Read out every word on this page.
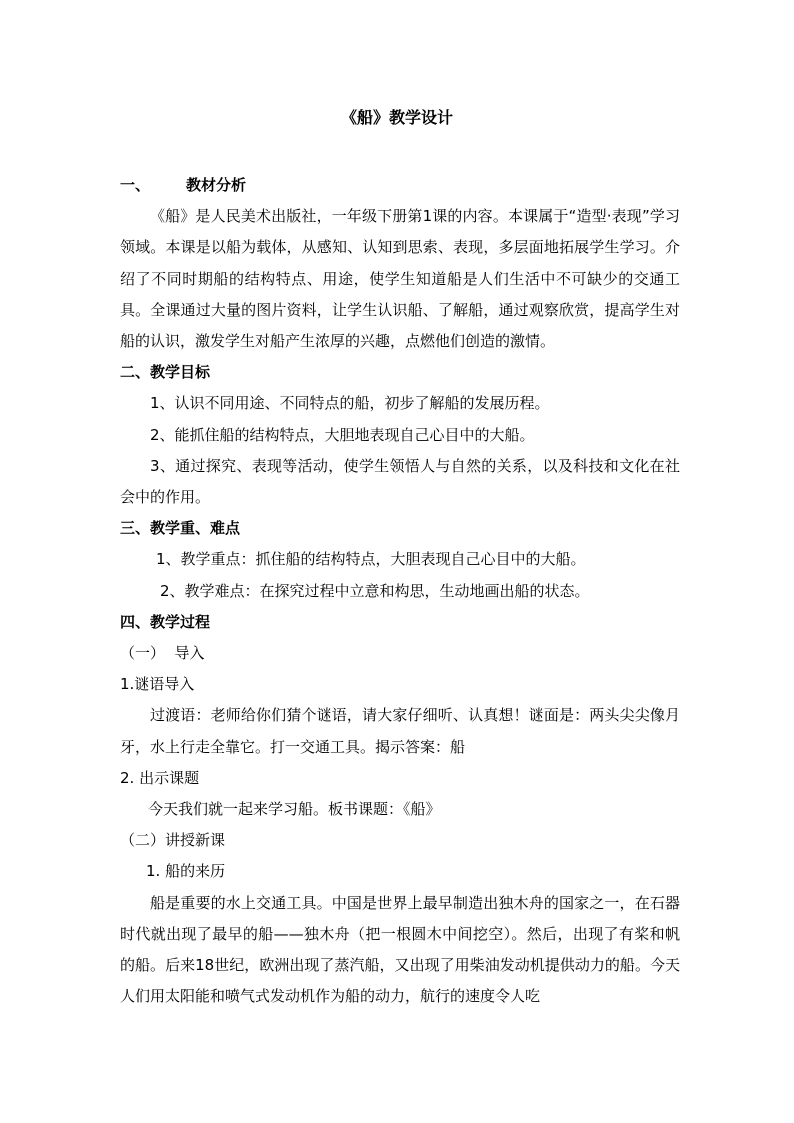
《船》教学设计

一、 教材分析

《船》是人民美术出版社，一年级下册第1课的内容。本课属于“造型·表现”学习领域。本课是以船为载体，从感知、认知到思索、表现，多层面地拓展学生学习。介绍了不同时期船的结构特点、用途，使学生知道船是人们生活中不可缺少的交通工具。全课通过大量的图片资料，让学生认识船、了解船，通过观察欣赏，提高学生对船的认识，激发学生对船产生浓厚的兴趣，点燃他们创造的激情。

二、教学目标

1、认识不同用途、不同特点的船，初步了解船的发展历程。

2、能抓住船的结构特点，大胆地表现自己心目中的大船。

3、通过探究、表现等活动，使学生领悟人与自然的关系，以及科技和文化在社会中的作用。

三、教学重、难点

1、教学重点：抓住船的结构特点，大胆表现自己心目中的大船。

2、教学难点：在探究过程中立意和构思，生动地画出船的状态。

四、教学过程

（一）  导入

1.谜语导入

过渡语：老师给你们猜个谜语，请大家仔细听、认真想！谜面是：两头尖尖像月牙，水上行走全靠它。打一交通工具。揭示答案：船

2. 出示课题

今天我们就一起来学习船。板书课题：《船》

（二）讲授新课

1. 船的来历

船是重要的水上交通工具。中国是世界上最早制造出独木舟的国家之一，在石器时代就出现了最早的船——独木舟（把一根圆木中间挖空）。然后，出现了有桨和帆的船。后来18世纪，欧洲出现了蒸汽船，又出现了用柴油发动机提供动力的船。今天人们用太阳能和喷气式发动机作为船的动力，航行的速度令人吃
